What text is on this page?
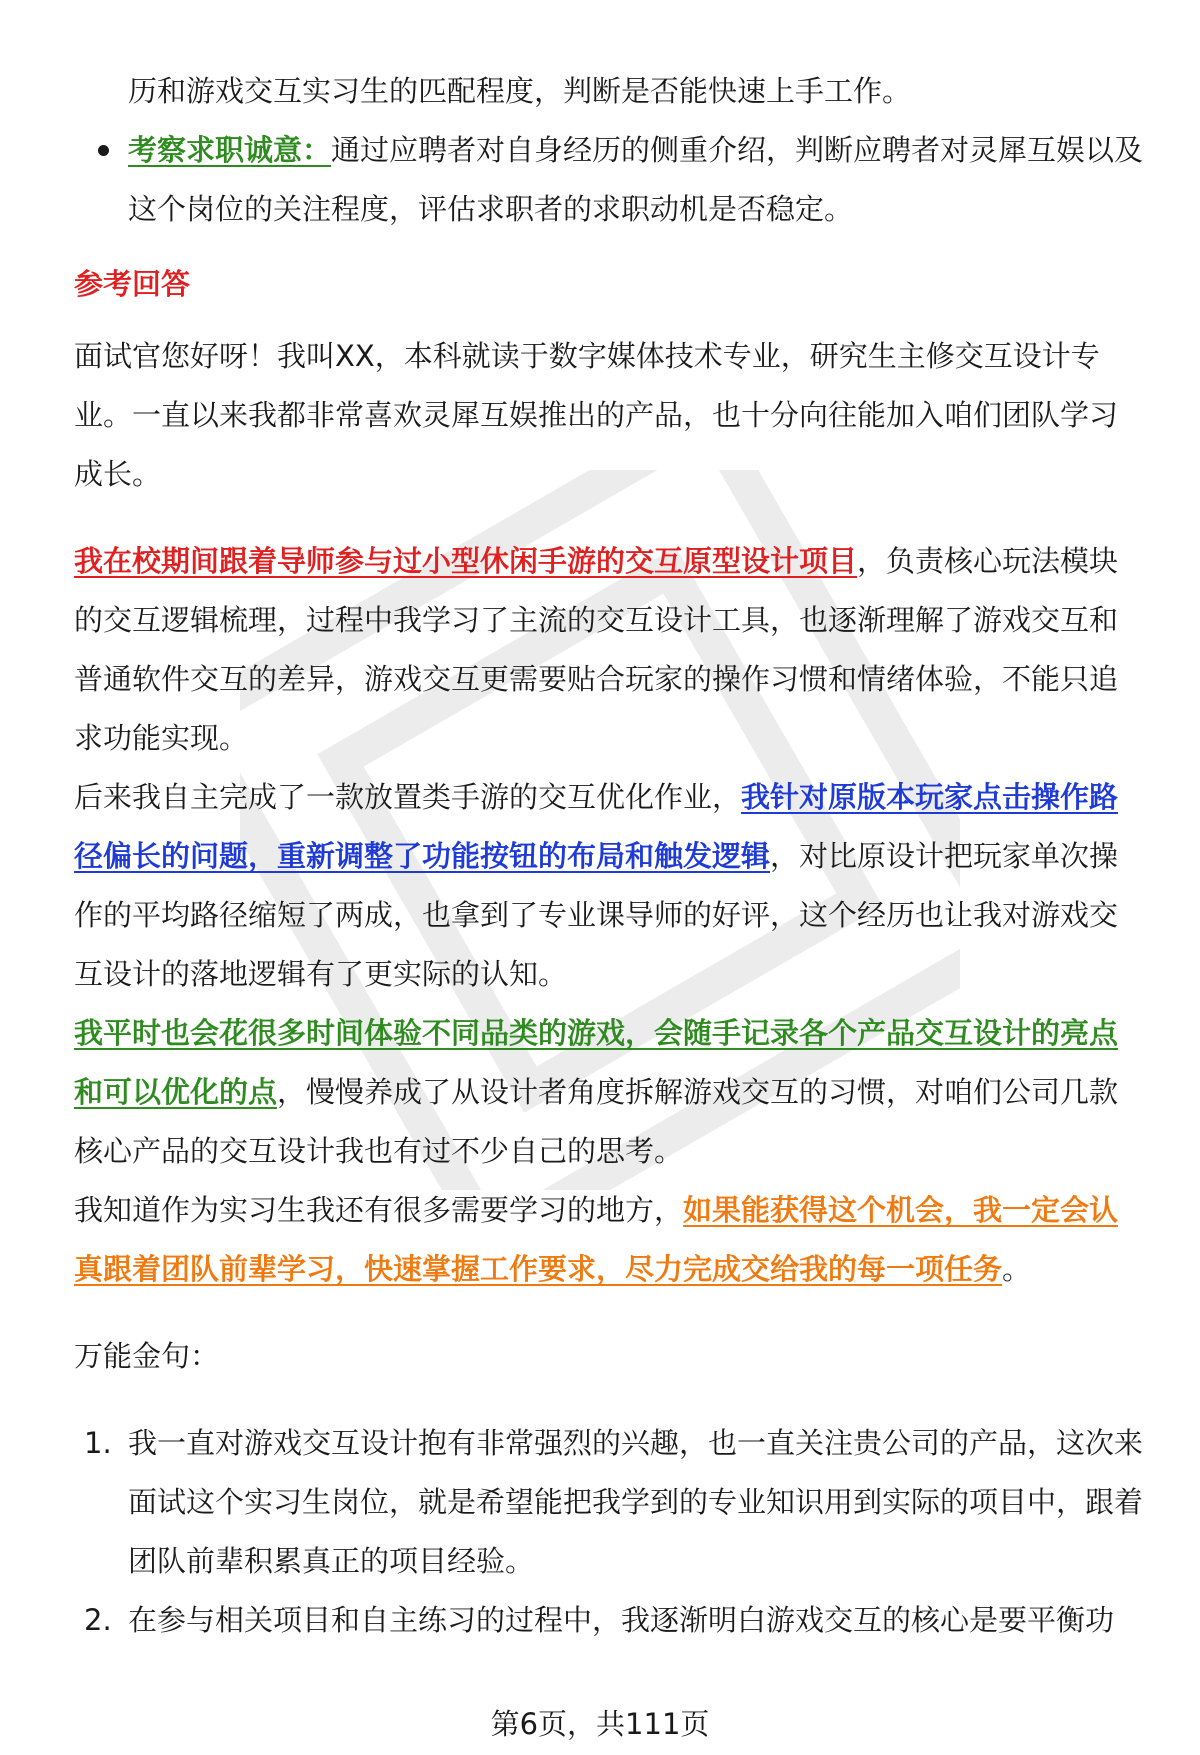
历和游戏交互实习生的匹配程度，判断是否能快速上手工作。

考察求职诚意：通过应聘者对自身经历的侧重介绍，判断应聘者对灵犀互娱以及这个岗位的关注程度，评估求职者的求职动机是否稳定。

参考回答

面试官您好呀！我叫XX，本科就读于数字媒体技术专业，研究生主修交互设计专业。一直以来我都非常喜欢灵犀互娱推出的产品，也十分向往能加入咱们团队学习成长。

我在校期间跟着导师参与过小型休闲手游的交互原型设计项目，负责核心玩法模块的交互逻辑梳理，过程中我学习了主流的交互设计工具，也逐渐理解了游戏交互和普通软件交互的差异，游戏交互更需要贴合玩家的操作习惯和情绪体验，不能只追求功能实现。

后来我自主完成了一款放置类手游的交互优化作业，我针对原版本玩家点击操作路径偏长的问题，重新调整了功能按钮的布局和触发逻辑，对比原设计把玩家单次操作的平均路径缩短了两成，也拿到了专业课导师的好评，这个经历也让我对游戏交互设计的落地逻辑有了更实际的认知。

我平时也会花很多时间体验不同品类的游戏，会随手记录各个产品交互设计的亮点和可以优化的点，慢慢养成了从设计者角度拆解游戏交互的习惯，对咱们公司几款核心产品的交互设计我也有过不少自己的思考。

我知道作为实习生我还有很多需要学习的地方，如果能获得这个机会，我一定会认真跟着团队前辈学习，快速掌握工作要求，尽力完成交给我的每一项任务。

万能金句：

1. 我一直对游戏交互设计抱有非常强烈的兴趣，也一直关注贵公司的产品，这次来面试这个实习生岗位，就是希望能把我学到的专业知识用到实际的项目中，跟着团队前辈积累真正的项目经验。
2. 在参与相关项目和自主练习的过程中，我逐渐明白游戏交互的核心是要平衡功
第6页，共111页
